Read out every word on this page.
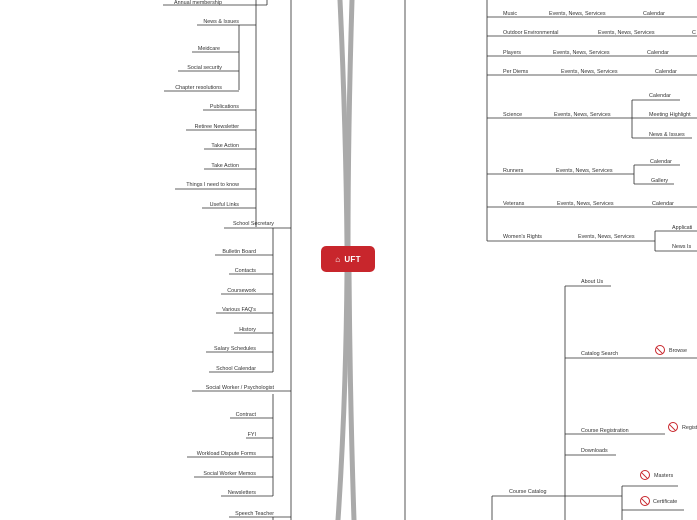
⌂ UFT
Annual membership
News & Issues
Meidcare
Social security
Chapter resolutions
Publications
Retiree Newsletter
Take Action
Take Action
Things I need to know
Useful Links
School Secretary
Bulletin Board
Contacts
Coursework
Various FAQ's
History
Salary Schedules
School Calendar
Social Worker / Psychologist
Contract
FYI
Workload Dispute Forms
Social Worker Memos
Newsletters
Speech Teacher
Music	Events, News, Services	Calendar
Outdoor Environmental	Events, News, Services	C
Players	Events, News, Services	Calendar
Per Diems	Events, News, Services	Calendar
Science	Events, News, Services
Calendar
Meeting Highlight
News & Issues
Runners	Events, News, Services
Calendar
Gallery
Veterans	Events, News, Services	Calendar
Women's Rights	Events, News, Services
Applicati
News Is
About Us
Catalog Search	Browse
Course Registration	Regist
Downloads
Course Catalog
Masters
Certificate
